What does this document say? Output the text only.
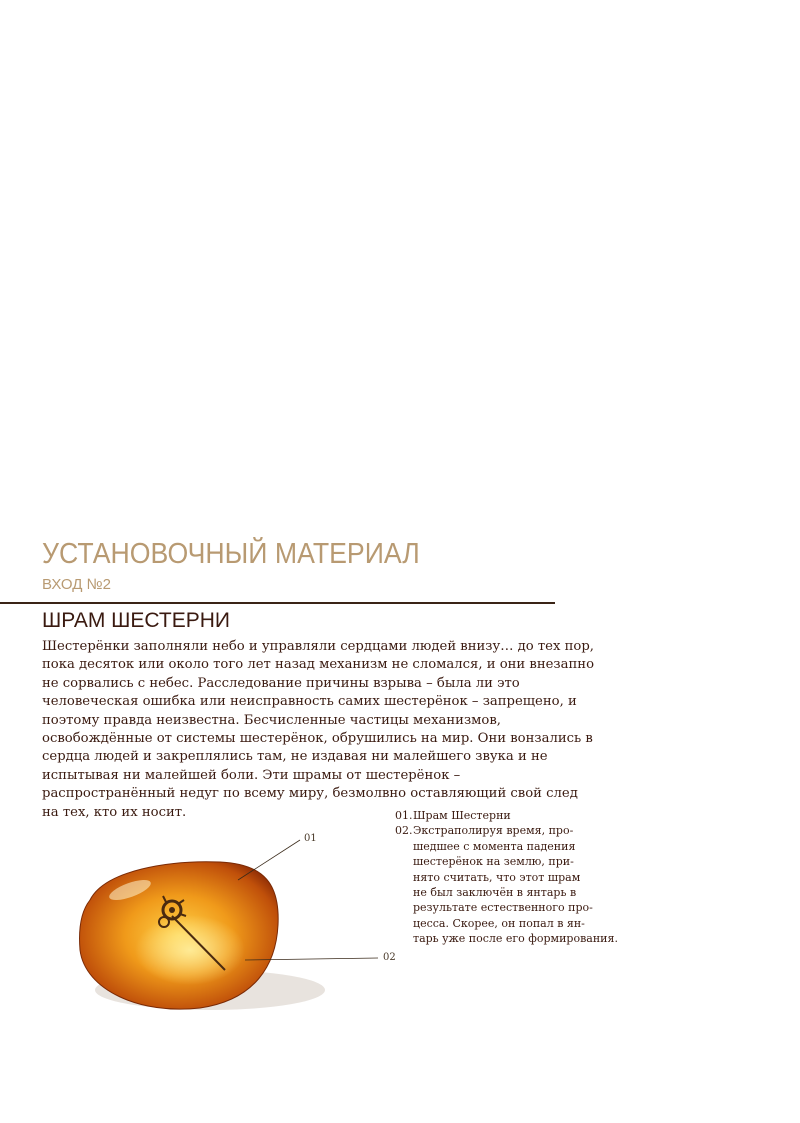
УСТАНОВОЧНЫЙ МАТЕРИАЛ
ВХОД №2
ШРАМ ШЕСТЕРНИ
Шестерёнки заполняли небо и управляли сердцами людей внизу… до тех пор,
пока десяток или около того лет назад механизм не сломался, и они внезапно
не сорвались с небес. Расследование причины взрыва – была ли это
человеческая ошибка или неисправность самих шестерёнок – запрещено, и
поэтому правда неизвестна. Бесчисленные частицы механизмов,
освобождённые от системы шестерёнок, обрушились на мир. Они вонзались в
сердца людей и закреплялись там, не издавая ни малейшего звука и не
испытывая ни малейшей боли. Эти шрамы от шестерёнок –
распространённый недуг по всему миру, безмолвно оставляющий свой след
на тех, кто их носит.	01. Шрам Шестерни
02. Экстраполируя время, про-
шедшее с момента падения
шестерёнок на землю, при-
нято считать, что этот шрам
не был заключён в янтарь в
результате естественного про-
цесса. Скорее, он попал в ян-
тарь уже после его формирования.
01
02
